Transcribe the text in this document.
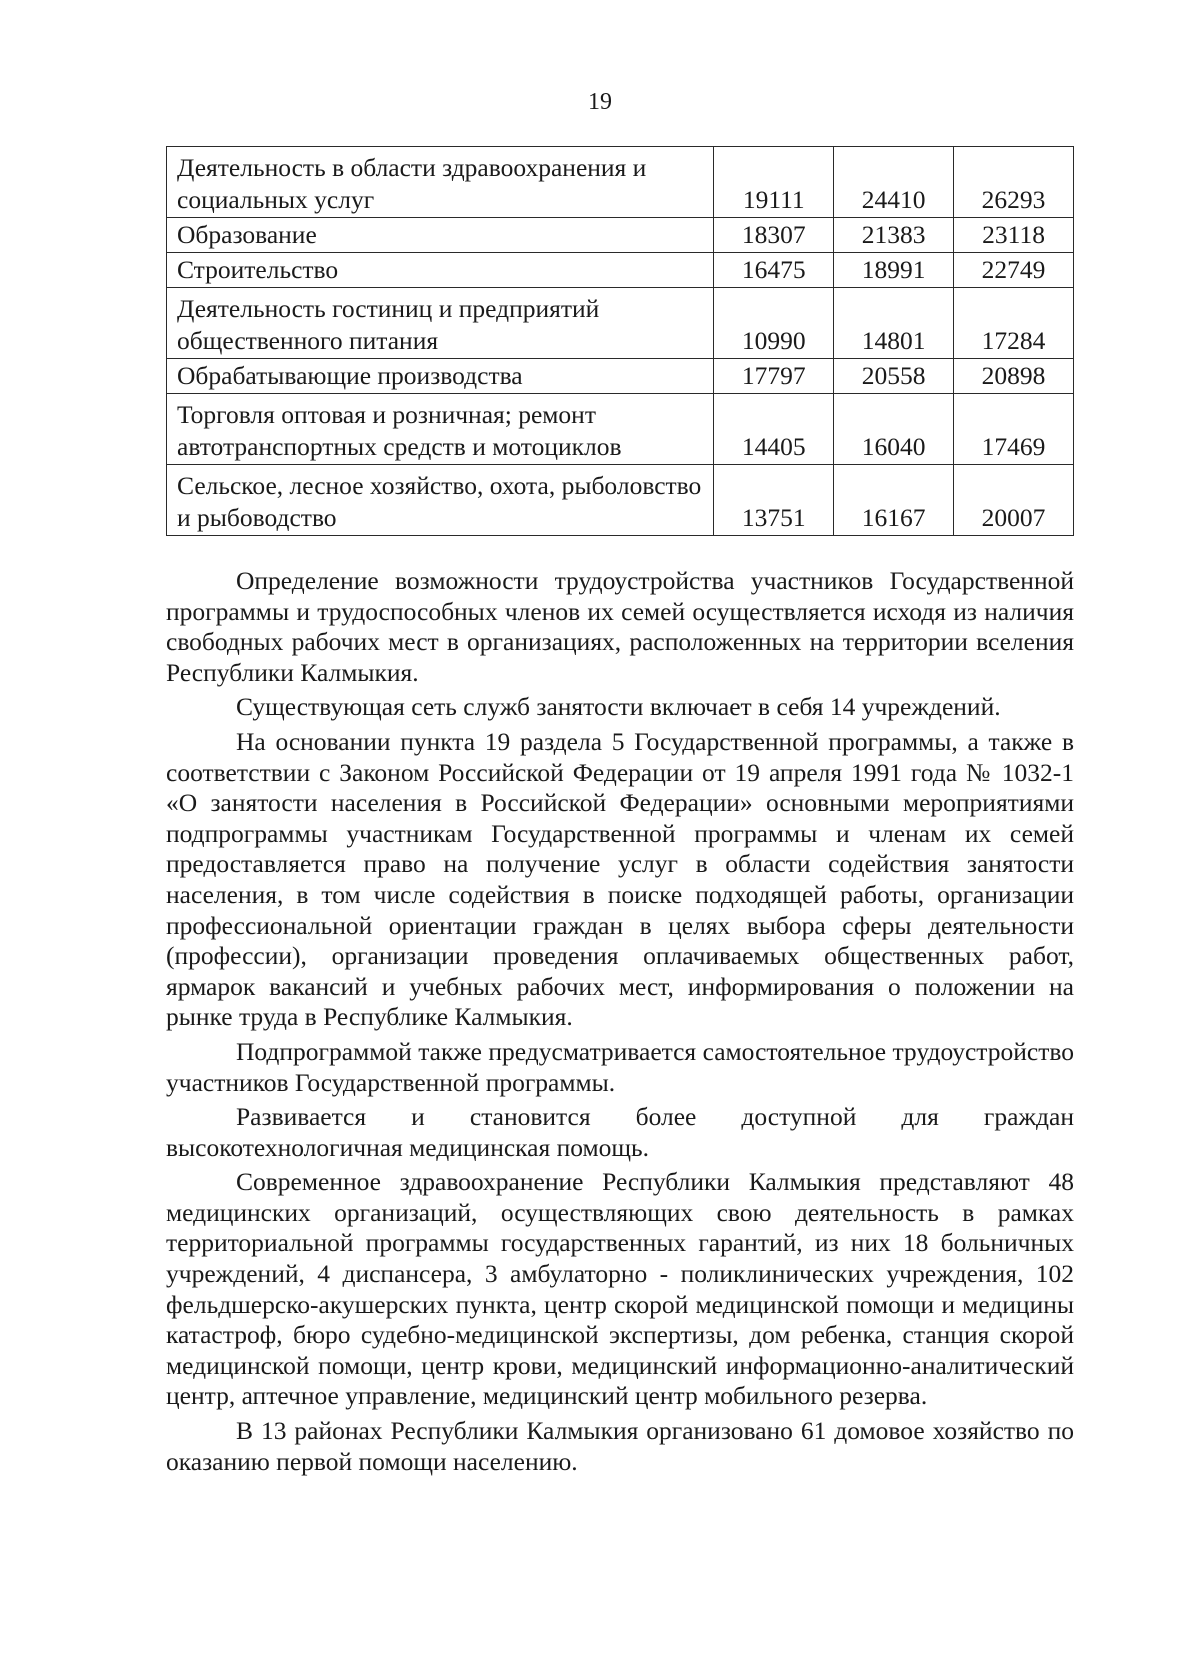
19
Деятельность в области здравоохранения и социальных услуг	19111	24410	26293
Образование	18307	21383	23118
Строительство	16475	18991	22749
Деятельность гостиниц и предприятий общественного питания	10990	14801	17284
Обрабатывающие производства	17797	20558	20898
Торговля оптовая и розничная; ремонт автотранспортных средств и мотоциклов	14405	16040	17469
Сельское, лесное хозяйство, охота, рыболовство и рыбоводство	13751	16167	20007

Определение возможности трудоустройства участников Государственной программы и трудоспособных членов их семей осуществляется исходя из наличия свободных рабочих мест в организациях, расположенных на территории вселения Республики Калмыкия.

Существующая сеть служб занятости включает в себя 14 учреждений.

На основании пункта 19 раздела 5 Государственной программы, а также в соответствии с Законом Российской Федерации от 19 апреля 1991 года № 1032-1 «О занятости населения в Российской Федерации» основными мероприятиями подпрограммы участникам Государственной программы и членам их семей предоставляется право на получение услуг в области содействия занятости населения, в том числе содействия в поиске подходящей работы, организации профессиональной ориентации граждан в целях выбора сферы деятельности (профессии), организации проведения оплачиваемых общественных работ, ярмарок вакансий и учебных рабочих мест, информирования о положении на рынке труда в Республике Калмыкия.

Подпрограммой также предусматривается самостоятельное трудоустройство участников Государственной программы.

Развивается и становится более доступной для граждан высокотехнологичная медицинская помощь.

Современное здравоохранение Республики Калмыкия представляют 48 медицинских организаций, осуществляющих свою деятельность в рамках территориальной программы государственных гарантий, из них 18 больничных учреждений, 4 диспансера, 3 амбулаторно - поликлинических учреждения, 102 фельдшерско-акушерских пункта, центр скорой медицинской помощи и медицины катастроф, бюро судебно-медицинской экспертизы, дом ребенка, станция скорой медицинской помощи, центр крови, медицинский информационно-аналитический центр, аптечное управление, медицинский центр мобильного резерва.

В 13 районах Республики Калмыкия организовано 61 домовое хозяйство по оказанию первой помощи населению.
